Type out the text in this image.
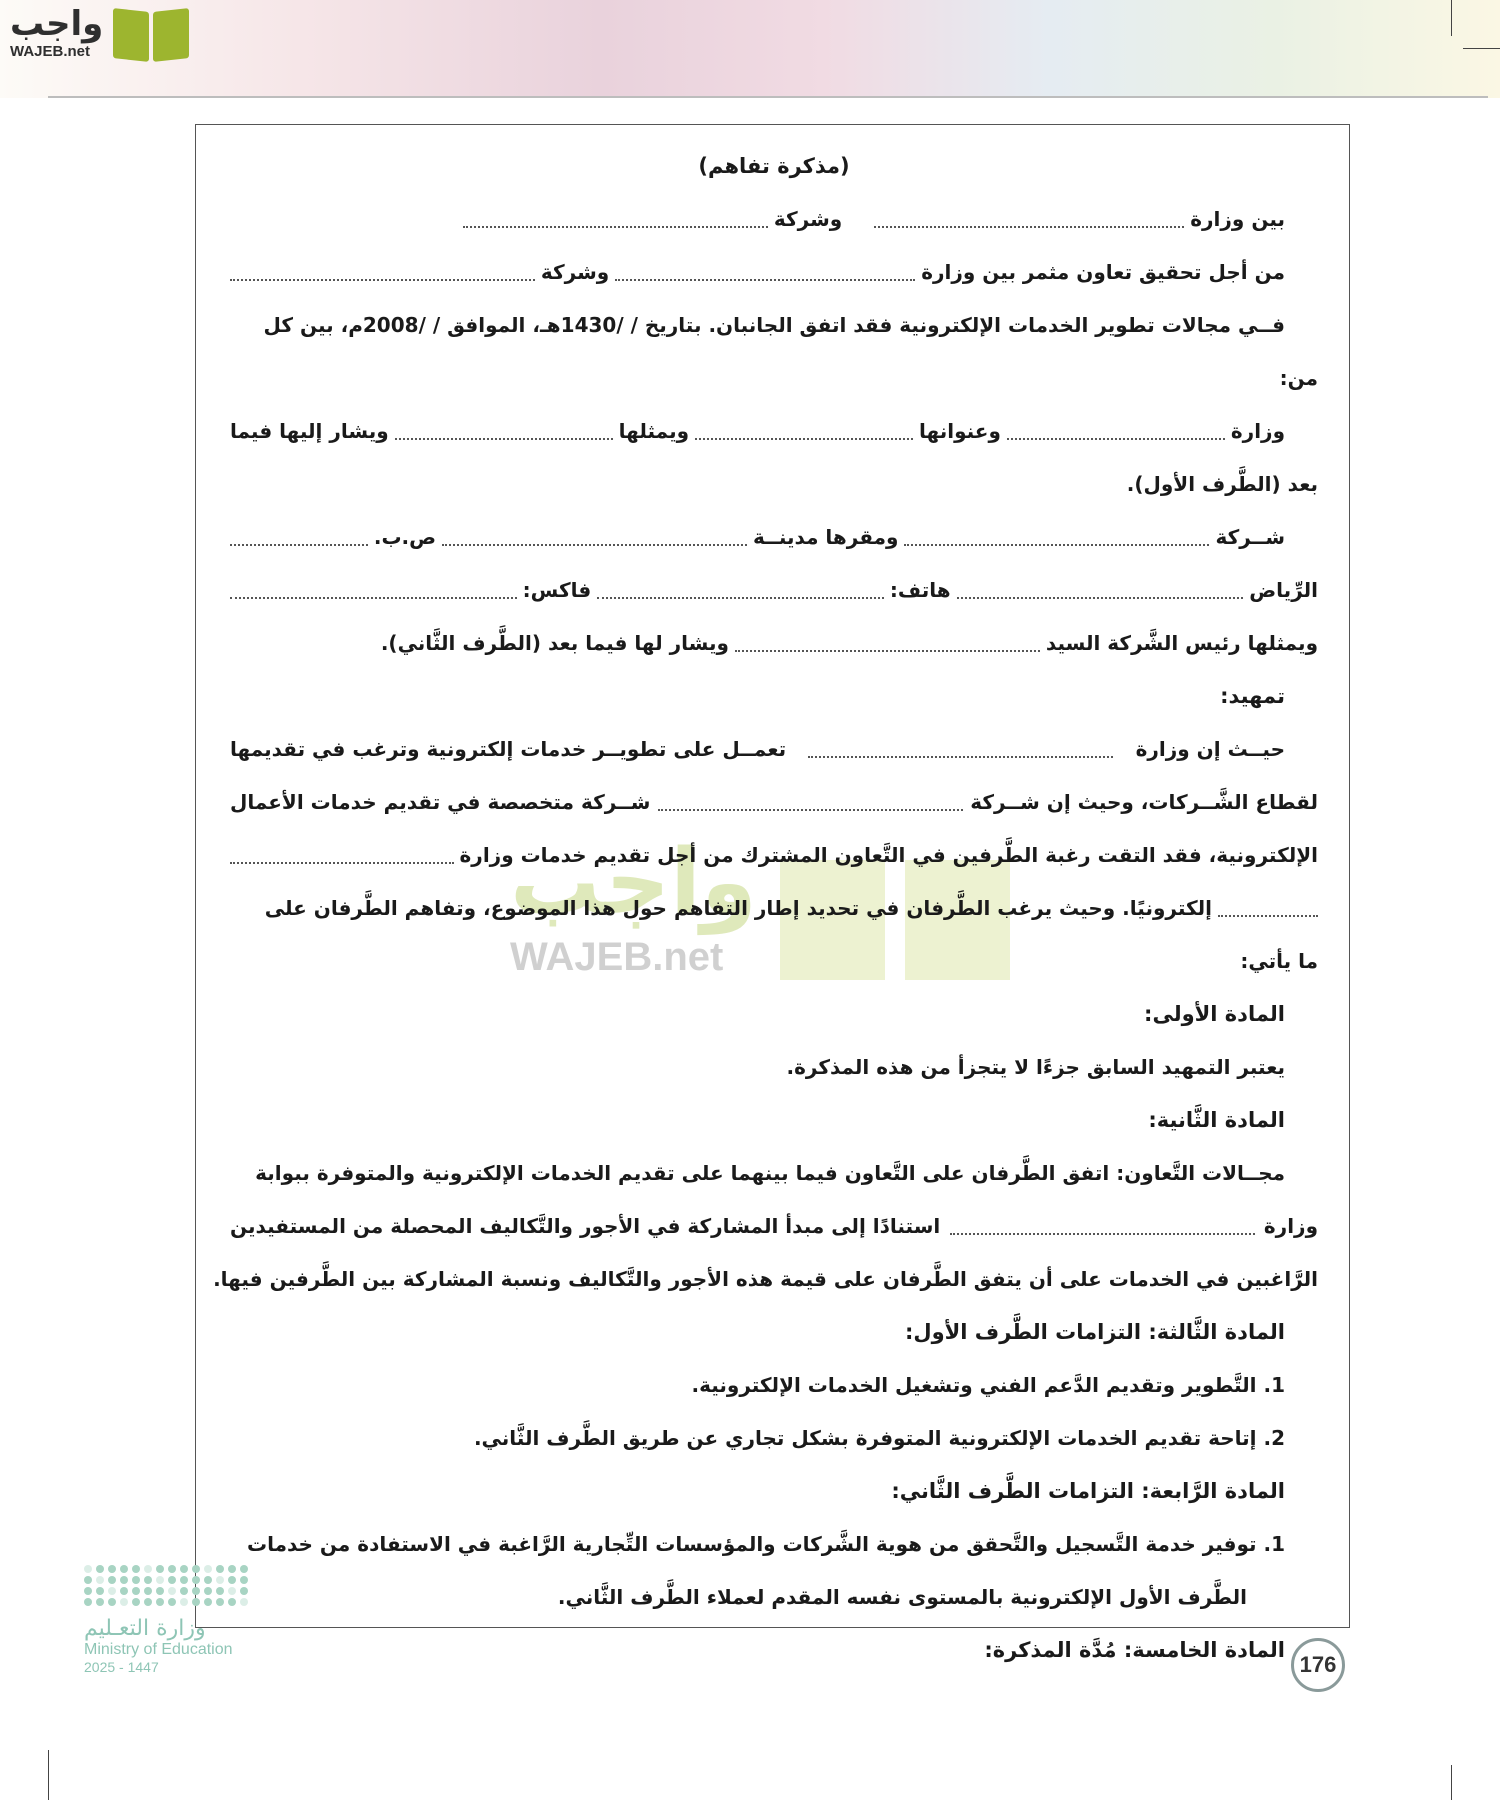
واجب
WAJEB.net
واجب
WAJEB.net
(مذكرة تفاهم)
بين وزارة
وشركة
من أجل تحقيق تعاون مثمر بين وزارة
وشركة
فــي مجالات تطوير الخدمات الإلكترونية فقد اتفق الجانبان. بتاريخ / /1430هـ، الموافق / /2008م، بين كل
من:
وزارة
وعنوانها
ويمثلها
ويشار إليها فيما
بعد (الطَّرف الأول).
شــركة
ومقرها مدينــة
ص.ب.
الرِّياض
هاتف:
فاكس:
ويمثلها رئيس الشَّركة السيد
ويشار لها فيما بعد (الطَّرف الثَّاني).
تمهيد:
حيــث إن وزارة
تعمــل على تطويــر خدمات إلكترونية وترغب في تقديمها
لقطاع الشَّــركات، وحيث إن شــركة
شــركة متخصصة في تقديم خدمات الأعمال
الإلكترونية، فقد التقت رغبة الطَّرفين في التَّعاون المشترك من أجل تقديم خدمات وزارة
إلكترونيًا. وحيث يرغب الطَّرفان في تحديد إطار التفاهم حول هذا الموضوع، وتفاهم الطَّرفان على
ما يأتي:
المادة الأولى:
يعتبر التمهيد السابق جزءًا لا يتجزأ من هذه المذكرة.
المادة الثَّانية:
مجــالات التَّعاون: اتفق الطَّرفان على التَّعاون فيما بينهما على تقديم الخدمات الإلكترونية والمتوفرة ببوابة
وزارة
استنادًا إلى مبدأ المشاركة في الأجور والتَّكاليف المحصلة من المستفيدين
الرَّاغبين في الخدمات على أن يتفق الطَّرفان على قيمة هذه الأجور والتَّكاليف ونسبة المشاركة بين الطَّرفين فيها.
المادة الثَّالثة: التزامات الطَّرف الأول:
1. التَّطوير وتقديم الدَّعم الفني وتشغيل الخدمات الإلكترونية.
2. إتاحة تقديم الخدمات الإلكترونية المتوفرة بشكل تجاري عن طريق الطَّرف الثَّاني.
المادة الرَّابعة: التزامات الطَّرف الثَّاني:
1. توفير خدمة التَّسجيل والتَّحقق من هوية الشَّركات والمؤسسات التِّجارية الرَّاغبة في الاستفادة من خدمات
الطَّرف الأول الإلكترونية بالمستوى نفسه المقدم لعملاء الطَّرف الثَّاني.
المادة الخامسة: مُدَّة المذكرة:
وزارة التعـليم
Ministry of Education
2025 - 1447	176
